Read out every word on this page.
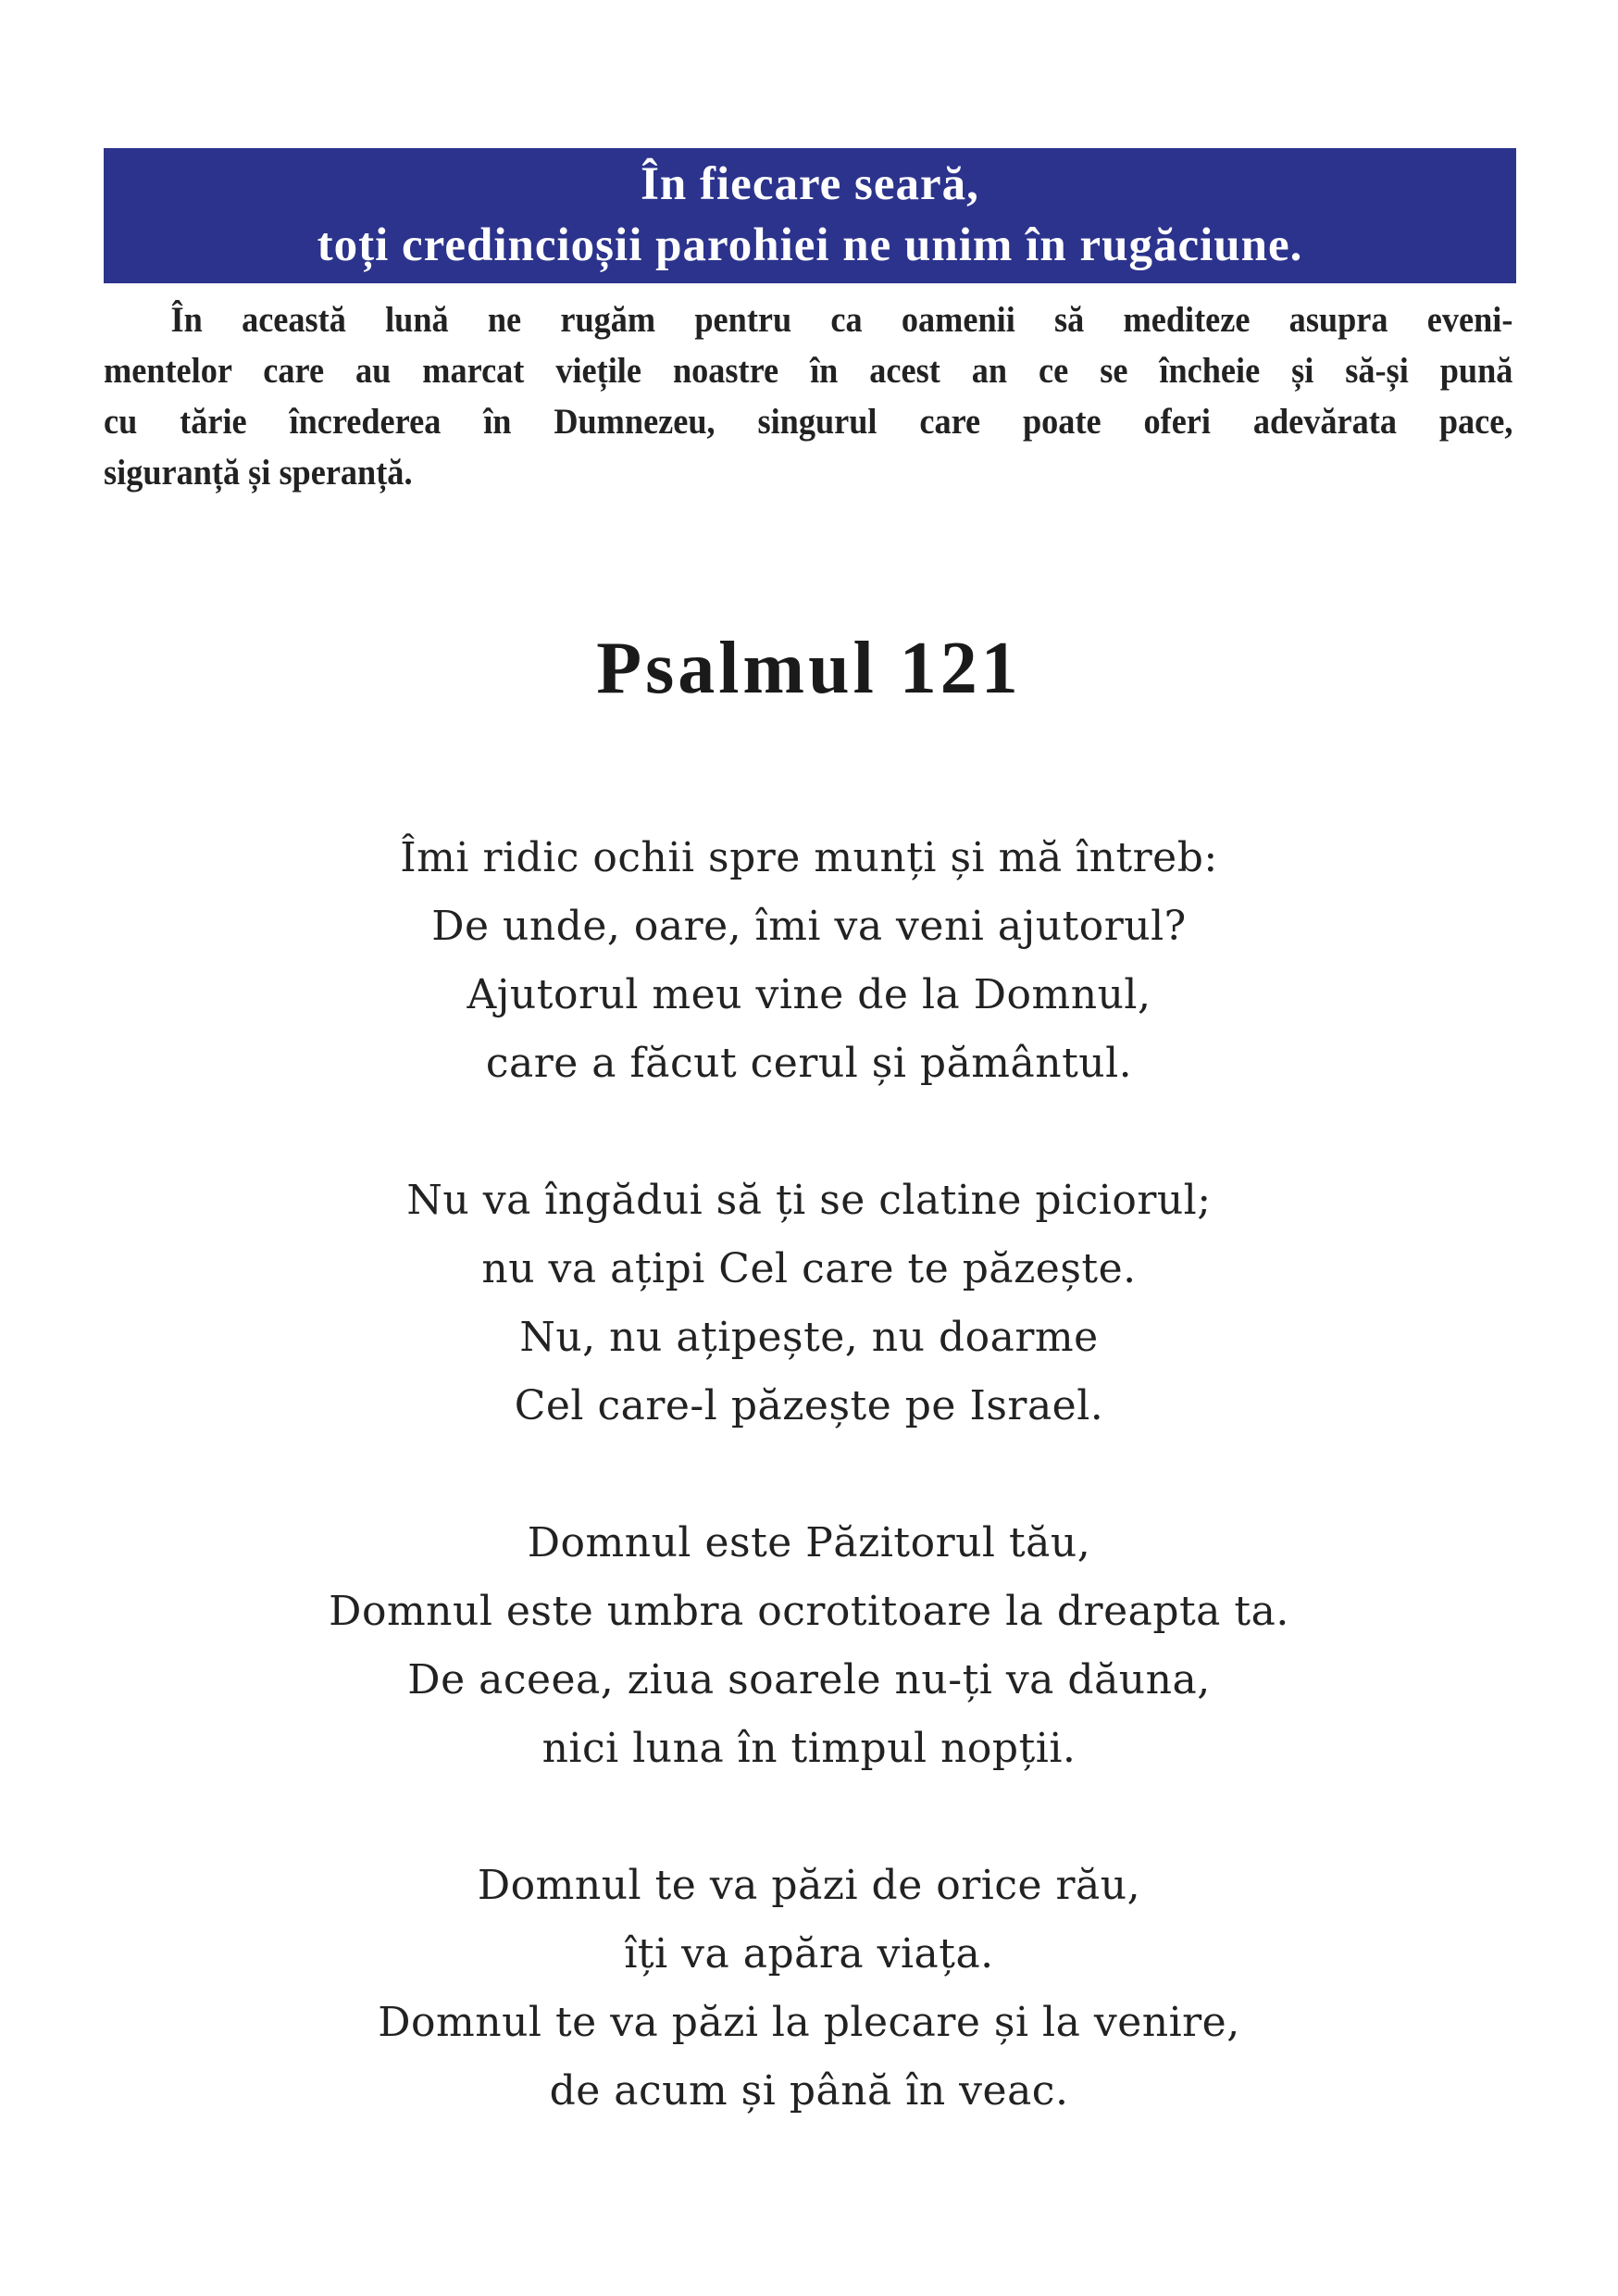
În fiecare seară,
toți credincioșii parohiei ne unim în rugăciune.
În această lună ne rugăm pentru ca oamenii să mediteze asupra eveni-
mentelor care au marcat viețile noastre în acest an ce se încheie și să-și pună
cu tărie încrederea în Dumnezeu, singurul care poate oferi adevărata pace,
siguranță și speranță.
Psalmul 121
Îmi ridic ochii spre munți și mă întreb:
De unde, oare, îmi va veni ajutorul?
Ajutorul meu vine de la Domnul,
care a făcut cerul și pământul.
Nu va îngădui să ți se clatine piciorul;
nu va ațipi Cel care te păzește.
Nu, nu ațipește, nu doarme
Cel care-l păzește pe Israel.
Domnul este Păzitorul tău,
Domnul este umbra ocrotitoare la dreapta ta.
De aceea, ziua soarele nu-ți va dăuna,
nici luna în timpul nopții.
Domnul te va păzi de orice rău,
îți va apăra viața.
Domnul te va păzi la plecare și la venire,
de acum și până în veac.
